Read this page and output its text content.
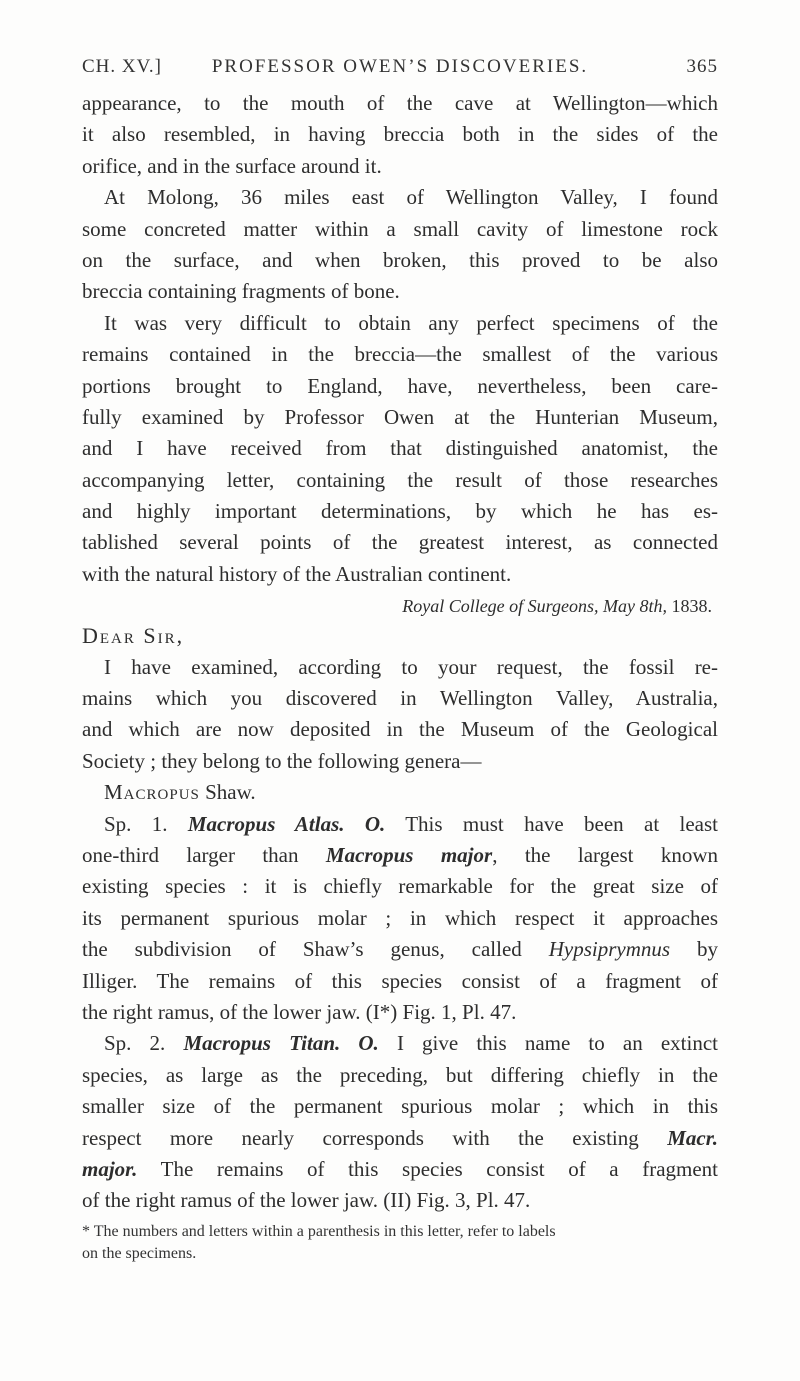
CH. XV.]	PROFESSOR OWEN’S DISCOVERIES.	365
appearance, to the mouth of the cave at Wellington—which
it also resembled, in having breccia both in the sides of the
orifice, and in the surface around it.
At Molong, 36 miles east of Wellington Valley, I found
some concreted matter within a small cavity of limestone rock
on the surface, and when broken, this proved to be also
breccia containing fragments of bone.
It was very difficult to obtain any perfect specimens of the
remains contained in the breccia—the smallest of the various
portions brought to England, have, nevertheless, been care-
fully examined by Professor Owen at the Hunterian Museum,
and I have received from that distinguished anatomist, the
accompanying letter, containing the result of those researches
and highly important determinations, by which he has es-
tablished several points of the greatest interest, as connected
with the natural history of the Australian continent.
Royal College of Surgeons, May 8th, 1838.
Dear Sir,
I have examined, according to your request, the fossil re-
mains which you discovered in Wellington Valley, Australia,
and which are now deposited in the Museum of the Geological
Society ; they belong to the following genera—
Macropus Shaw.
Sp. 1. Macropus Atlas. O. This must have been at least
one-third larger than Macropus major, the largest known
existing species : it is chiefly remarkable for the great size of
its permanent spurious molar ; in which respect it approaches
the subdivision of Shaw’s genus, called Hypsiprymnus by
Illiger. The remains of this species consist of a fragment of
the right ramus, of the lower jaw. (I*) Fig. 1, Pl. 47.
Sp. 2. Macropus Titan. O. I give this name to an extinct
species, as large as the preceding, but differing chiefly in the
smaller size of the permanent spurious molar ; which in this
respect more nearly corresponds with the existing Macr.
major. The remains of this species consist of a fragment
of the right ramus of the lower jaw. (II) Fig. 3, Pl. 47.
* The numbers and letters within a parenthesis in this letter, refer to labels
on the specimens.
